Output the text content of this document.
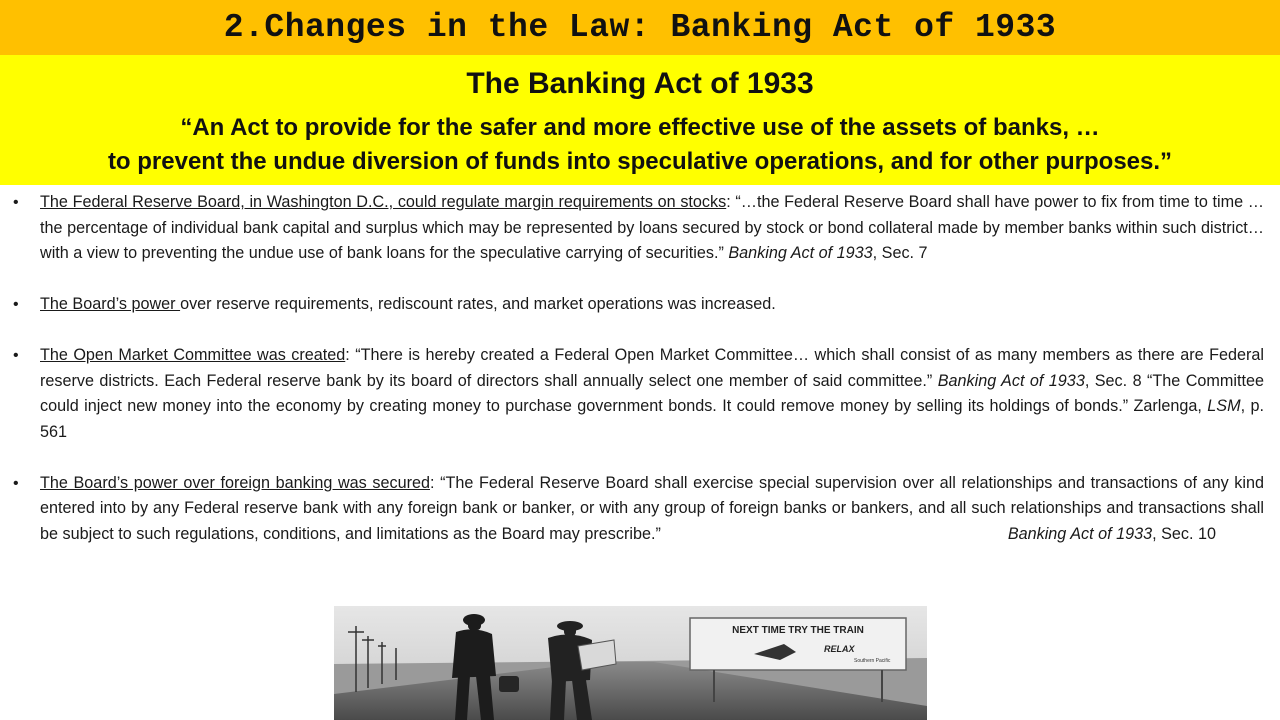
2.Changes in the Law: Banking Act of 1933
The Banking Act of 1933
“An Act to provide for the safer and more effective use of the assets of banks, …
to prevent the undue diversion of funds into speculative operations, and for other purposes.”
• The Federal Reserve Board, in Washington D.C., could regulate margin requirements on stocks: “…the Federal Reserve Board shall have power to fix from time to time … the percentage of individual bank capital and surplus which may be represented by loans secured by stock or bond collateral made by member banks within such district… with a view to preventing the undue use of bank loans for the speculative carrying of securities.” Banking Act of 1933, Sec. 7
• The Board’s power over reserve requirements, rediscount rates, and market operations was increased.
• The Open Market Committee was created: “There is hereby created a Federal Open Market Committee… which shall consist of as many members as there are Federal reserve districts. Each Federal reserve bank by its board of directors shall annually select one member of said committee.” Banking Act of 1933, Sec. 8 “The Committee could inject new money into the economy by creating money to purchase government bonds. It could remove money by selling its holdings of bonds.” Zarlenga, LSM, p. 561
• The Board’s power over foreign banking was secured: “The Federal Reserve Board shall exercise special supervision over all relationships and transactions of any kind entered into by any Federal reserve bank with any foreign bank or banker, or with any group of foreign banks or bankers, and all such relationships and transactions shall be subject to such regulations, conditions, and limitations as the Board may prescribe.”	Banking Act of 1933, Sec. 10
NEXT TIME TRY THE TRAIN
RELAX
Southern Pacific
